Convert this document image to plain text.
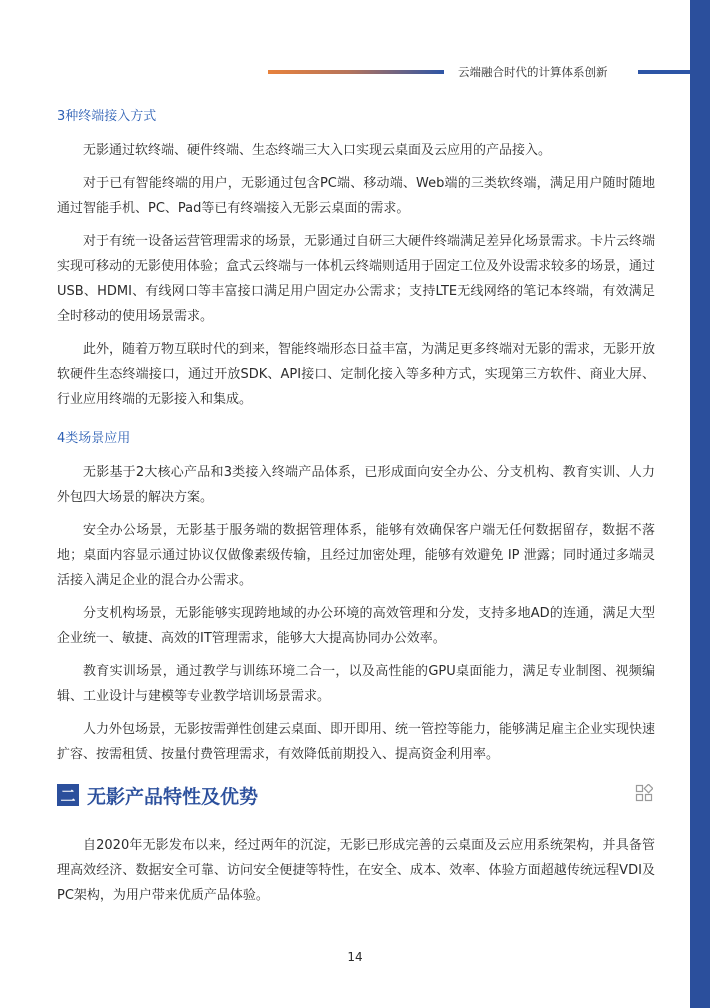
云端融合时代的计算体系创新
3种终端接入方式

无影通过软终端、硬件终端、生态终端三大入口实现云桌面及云应用的产品接入。

对于已有智能终端的用户，无影通过包含PC端、移动端、Web端的三类软终端，满足用户随时随地通过智能手机、PC、Pad等已有终端接入无影云桌面的需求。

对于有统一设备运营管理需求的场景，无影通过自研三大硬件终端满足差异化场景需求。卡片云终端实现可移动的无影使用体验；盒式云终端与一体机云终端则适用于固定工位及外设需求较多的场景，通过USB、HDMI、有线网口等丰富接口满足用户固定办公需求；支持LTE无线网络的笔记本终端，有效满足全时移动的使用场景需求。

此外，随着万物互联时代的到来，智能终端形态日益丰富，为满足更多终端对无影的需求，无影开放软硬件生态终端接口，通过开放SDK、API接口、定制化接入等多种方式，实现第三方软件、商业大屏、行业应用终端的无影接入和集成。

4类场景应用

无影基于2大核心产品和3类接入终端产品体系，已形成面向安全办公、分支机构、教育实训、人力外包四大场景的解决方案。

安全办公场景，无影基于服务端的数据管理体系，能够有效确保客户端无任何数据留存，数据不落地；桌面内容显示通过协议仅做像素级传输，且经过加密处理，能够有效避免 IP 泄露；同时通过多端灵活接入满足企业的混合办公需求。

分支机构场景，无影能够实现跨地域的办公环境的高效管理和分发，支持多地AD的连通，满足大型企业统一、敏捷、高效的IT管理需求，能够大大提高协同办公效率。

教育实训场景，通过教学与训练环境二合一，以及高性能的GPU桌面能力，满足专业制图、视频编辑、工业设计与建模等专业教学培训场景需求。

人力外包场景，无影按需弹性创建云桌面、即开即用、统一管控等能力，能够满足雇主企业实现快速扩容、按需租赁、按量付费管理需求，有效降低前期投入、提高资金利用率。

二 无影产品特性及优势

自2020年无影发布以来，经过两年的沉淀，无影已形成完善的云桌面及云应用系统架构，并具备管理高效经济、数据安全可靠、访问安全便捷等特性，在安全、成本、效率、体验方面超越传统远程VDI及PC架构，为用户带来优质产品体验。

14
